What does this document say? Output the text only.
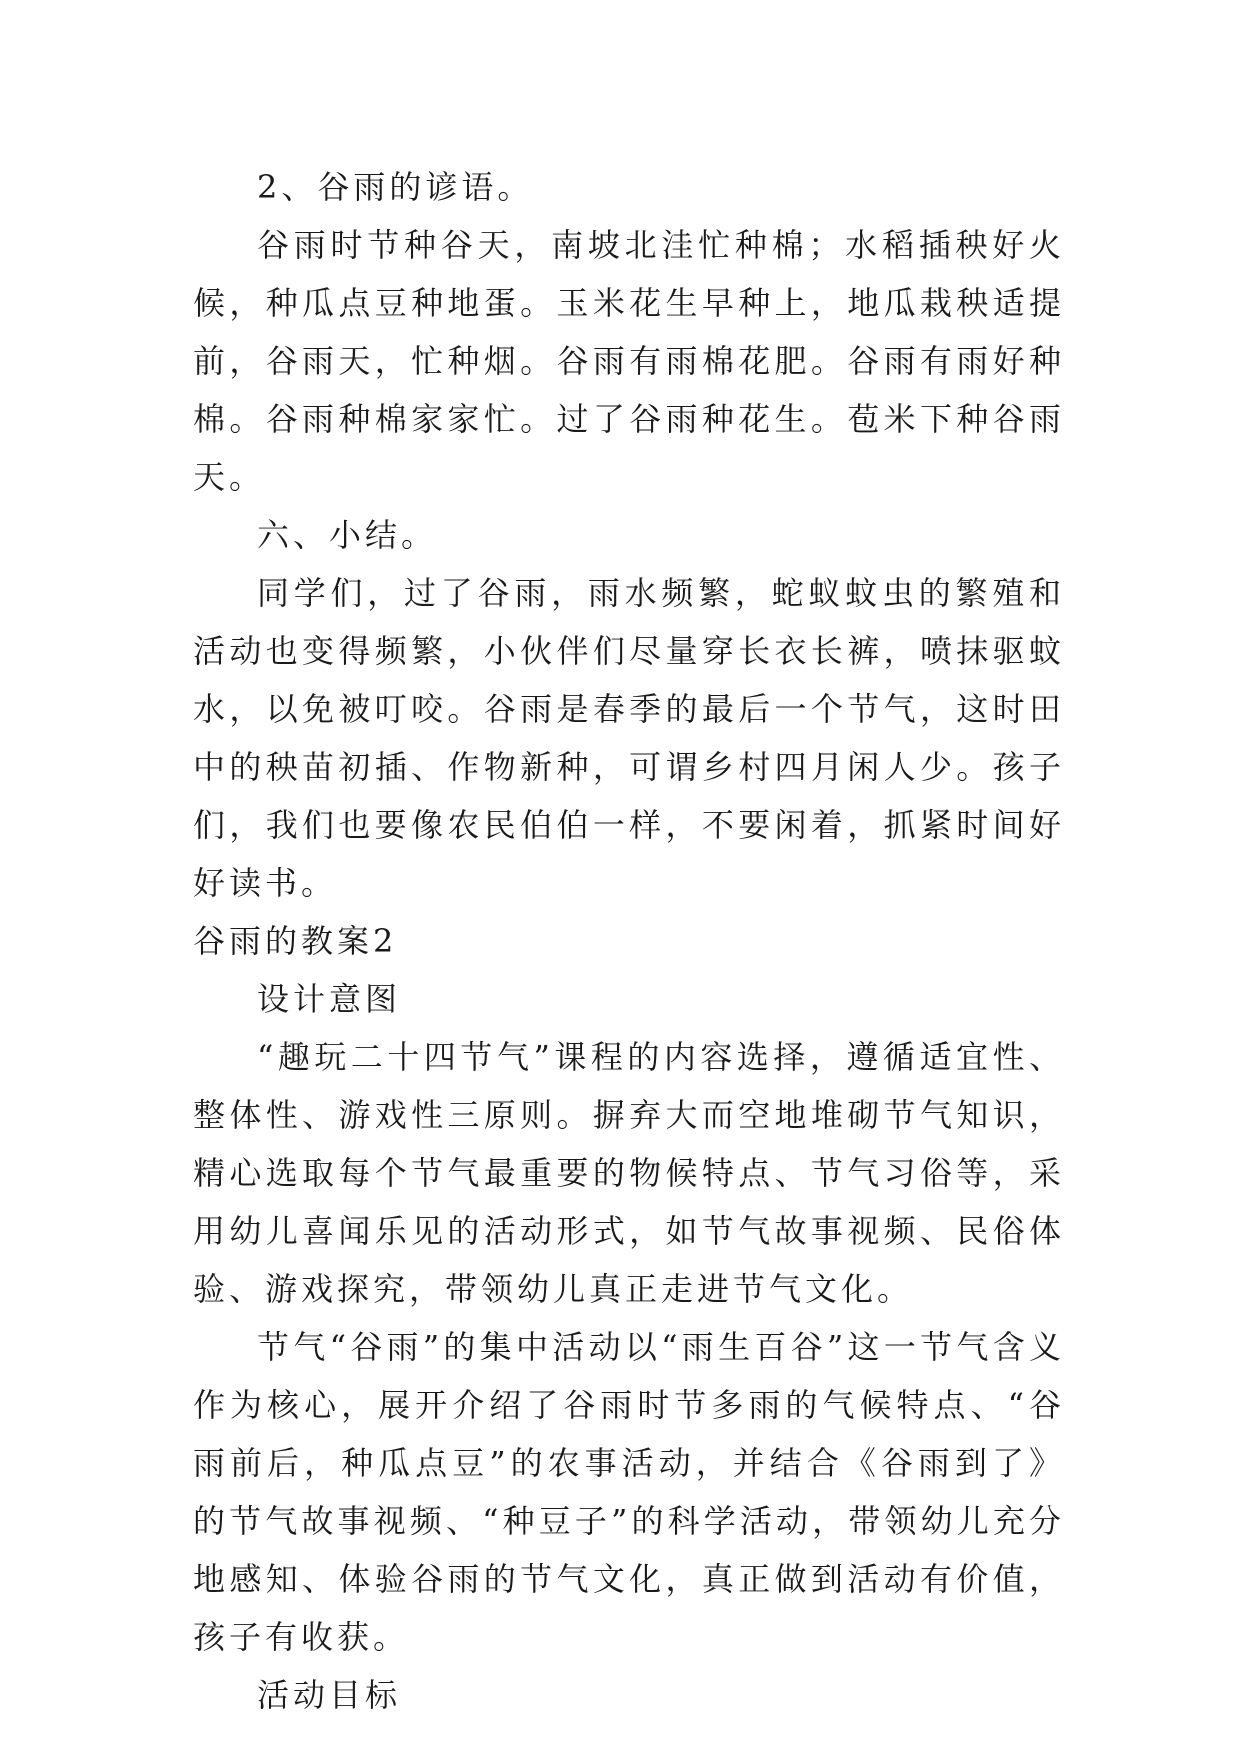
2、谷雨的谚语。

谷雨时节种谷天，南坡北洼忙种棉；水稻插秧好火候，种瓜点豆种地蛋。玉米花生早种上，地瓜栽秧适提前，谷雨天，忙种烟。谷雨有雨棉花肥。谷雨有雨好种棉。谷雨种棉家家忙。过了谷雨种花生。苞米下种谷雨天。

六、小结。

同学们，过了谷雨，雨水频繁，蛇蚁蚊虫的繁殖和活动也变得频繁，小伙伴们尽量穿长衣长裤，喷抹驱蚊水，以免被叮咬。谷雨是春季的最后一个节气，这时田中的秧苗初插、作物新种，可谓乡村四月闲人少。孩子们，我们也要像农民伯伯一样，不要闲着，抓紧时间好好读书。

谷雨的教案2

设计意图

“趣玩二十四节气”课程的内容选择，遵循适宜性、整体性、游戏性三原则。摒弃大而空地堆砌节气知识，精心选取每个节气最重要的物候特点、节气习俗等，采用幼儿喜闻乐见的活动形式，如节气故事视频、民俗体验、游戏探究，带领幼儿真正走进节气文化。

节气“谷雨”的集中活动以“雨生百谷”这一节气含义作为核心，展开介绍了谷雨时节多雨的气候特点、“谷雨前后，种瓜点豆”的农事活动，并结合《谷雨到了》的节气故事视频、“种豆子”的科学活动，带领幼儿充分地感知、体验谷雨的节气文化，真正做到活动有价值，孩子有收获。

活动目标
